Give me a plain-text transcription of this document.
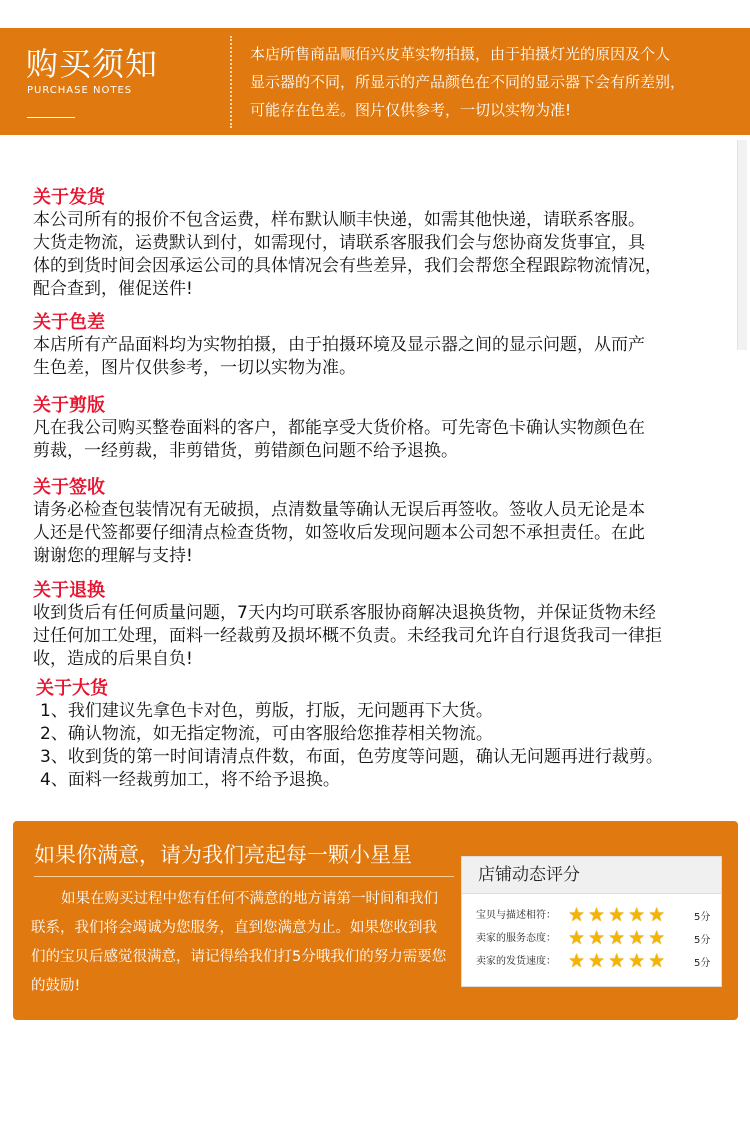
购买须知
PURCHASE NOTES
本店所售商品顺佰兴皮革实物拍摄，由于拍摄灯光的原因及个人
显示器的不同，所显示的产品颜色在不同的显示器下会有所差别，
可能存在色差。图片仅供参考，一切以实物为准!
关于发货

本公司所有的报价不包含运费，样布默认顺丰快递，如需其他快递，请联系客服。

大货走物流，运费默认到付，如需现付，请联系客服我们会与您协商发货事宜，具

体的到货时间会因承运公司的具体情况会有些差异，我们会帮您全程跟踪物流情况，

配合查到，催促送件!

关于色差

本店所有产品面料均为实物拍摄，由于拍摄环境及显示器之间的显示问题，从而产

生色差，图片仅供参考，一切以实物为准。

关于剪版

凡在我公司购买整卷面料的客户，都能享受大货价格。可先寄色卡确认实物颜色在

剪裁，一经剪裁，非剪错货，剪错颜色问题不给予退换。

关于签收

请务必检查包装情况有无破损，点清数量等确认无误后再签收。签收人员无论是本

人还是代签都要仔细清点检查货物，如签收后发现问题本公司恕不承担责任。在此

谢谢您的理解与支持!

关于退换

收到货后有任何质量问题，7天内均可联系客服协商解决退换货物，并保证货物未经

过任何加工处理，面料一经裁剪及损坏概不负责。未经我司允许自行退货我司一律拒

收，造成的后果自负!

关于大货
1、我们建议先拿色卡对色，剪版，打版，无问题再下大货。
2、确认物流，如无指定物流，可由客服给您推荐相关物流。
3、收到货的第一时间请清点件数，布面，色劳度等问题，确认无问题再进行裁剪。
4、面料一经裁剪加工，将不给予退换。
如果你满意，请为我们亮起每一颗小星星
如果在购买过程中您有任何不满意的地方请第一时间和我们联系，我们将会竭诚为您服务，直到您满意为止。如果您收到我们的宝贝后感觉很满意，请记得给我们打5分哦我们的努力需要您的鼓励!
店铺动态评分
宝贝与描述相符： ★★★★★	5分
卖家的服务态度： ★★★★★	5分
卖家的发货速度： ★★★★★	5分
